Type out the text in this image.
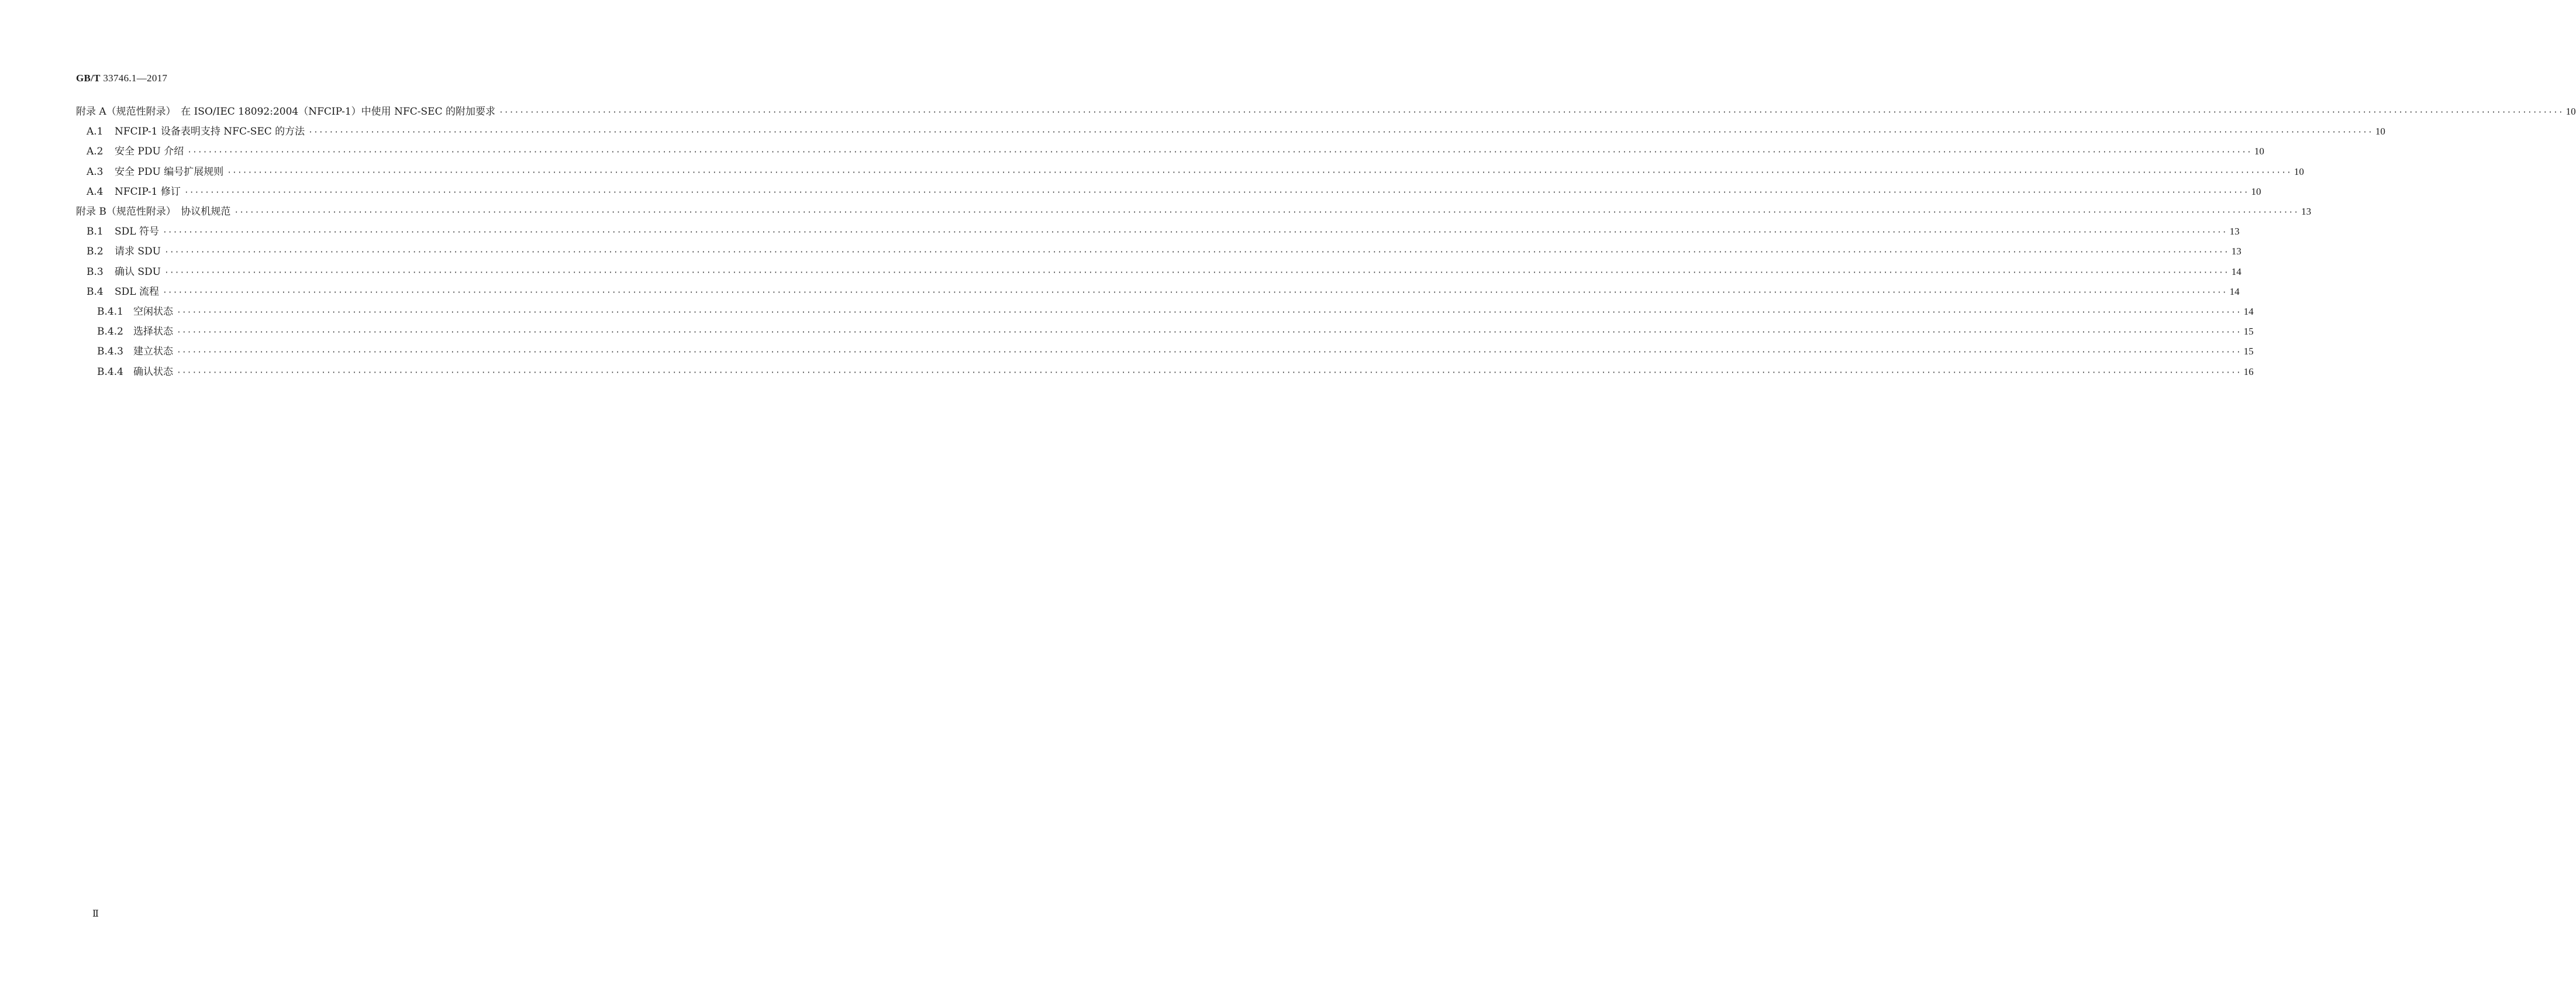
GB/T 33746.1—2017
附录 A （规范性附录）　在 ISO/IEC 18092:2004（NFCIP-1）中使用 NFC-SEC 的附加要求 ················································································································································································································································································································································································································ 10
A.1	NFCIP-1 设备表明支持 NFC-SEC 的方法 ················································································································································································································································································································································································································ 10
A.2	安全 PDU 介绍 ················································································································································································································································································································································································································ 10
A.3	安全 PDU 编号扩展规则 ················································································································································································································································································································································································································ 10
A.4	NFCIP-1 修订 ················································································································································································································································································································································································································ 10
附录 B （规范性附录）　协议机规范 ················································································································································································································································································································································································································ 13
B.1	SDL 符号 ················································································································································································································································································································································································································ 13
B.2	请求 SDU ················································································································································································································································································································································································································ 13
B.3	确认 SDU ················································································································································································································································································································································································································ 14
B.4	SDL 流程 ················································································································································································································································································································································································································ 14
B.4.1	空闲状态 ················································································································································································································································································································································································································ 14
B.4.2	选择状态 ················································································································································································································································································································································································································ 15
B.4.3	建立状态 ················································································································································································································································································································································································································ 15
B.4.4	确认状态 ················································································································································································································································································································································································································ 16
Ⅱ
